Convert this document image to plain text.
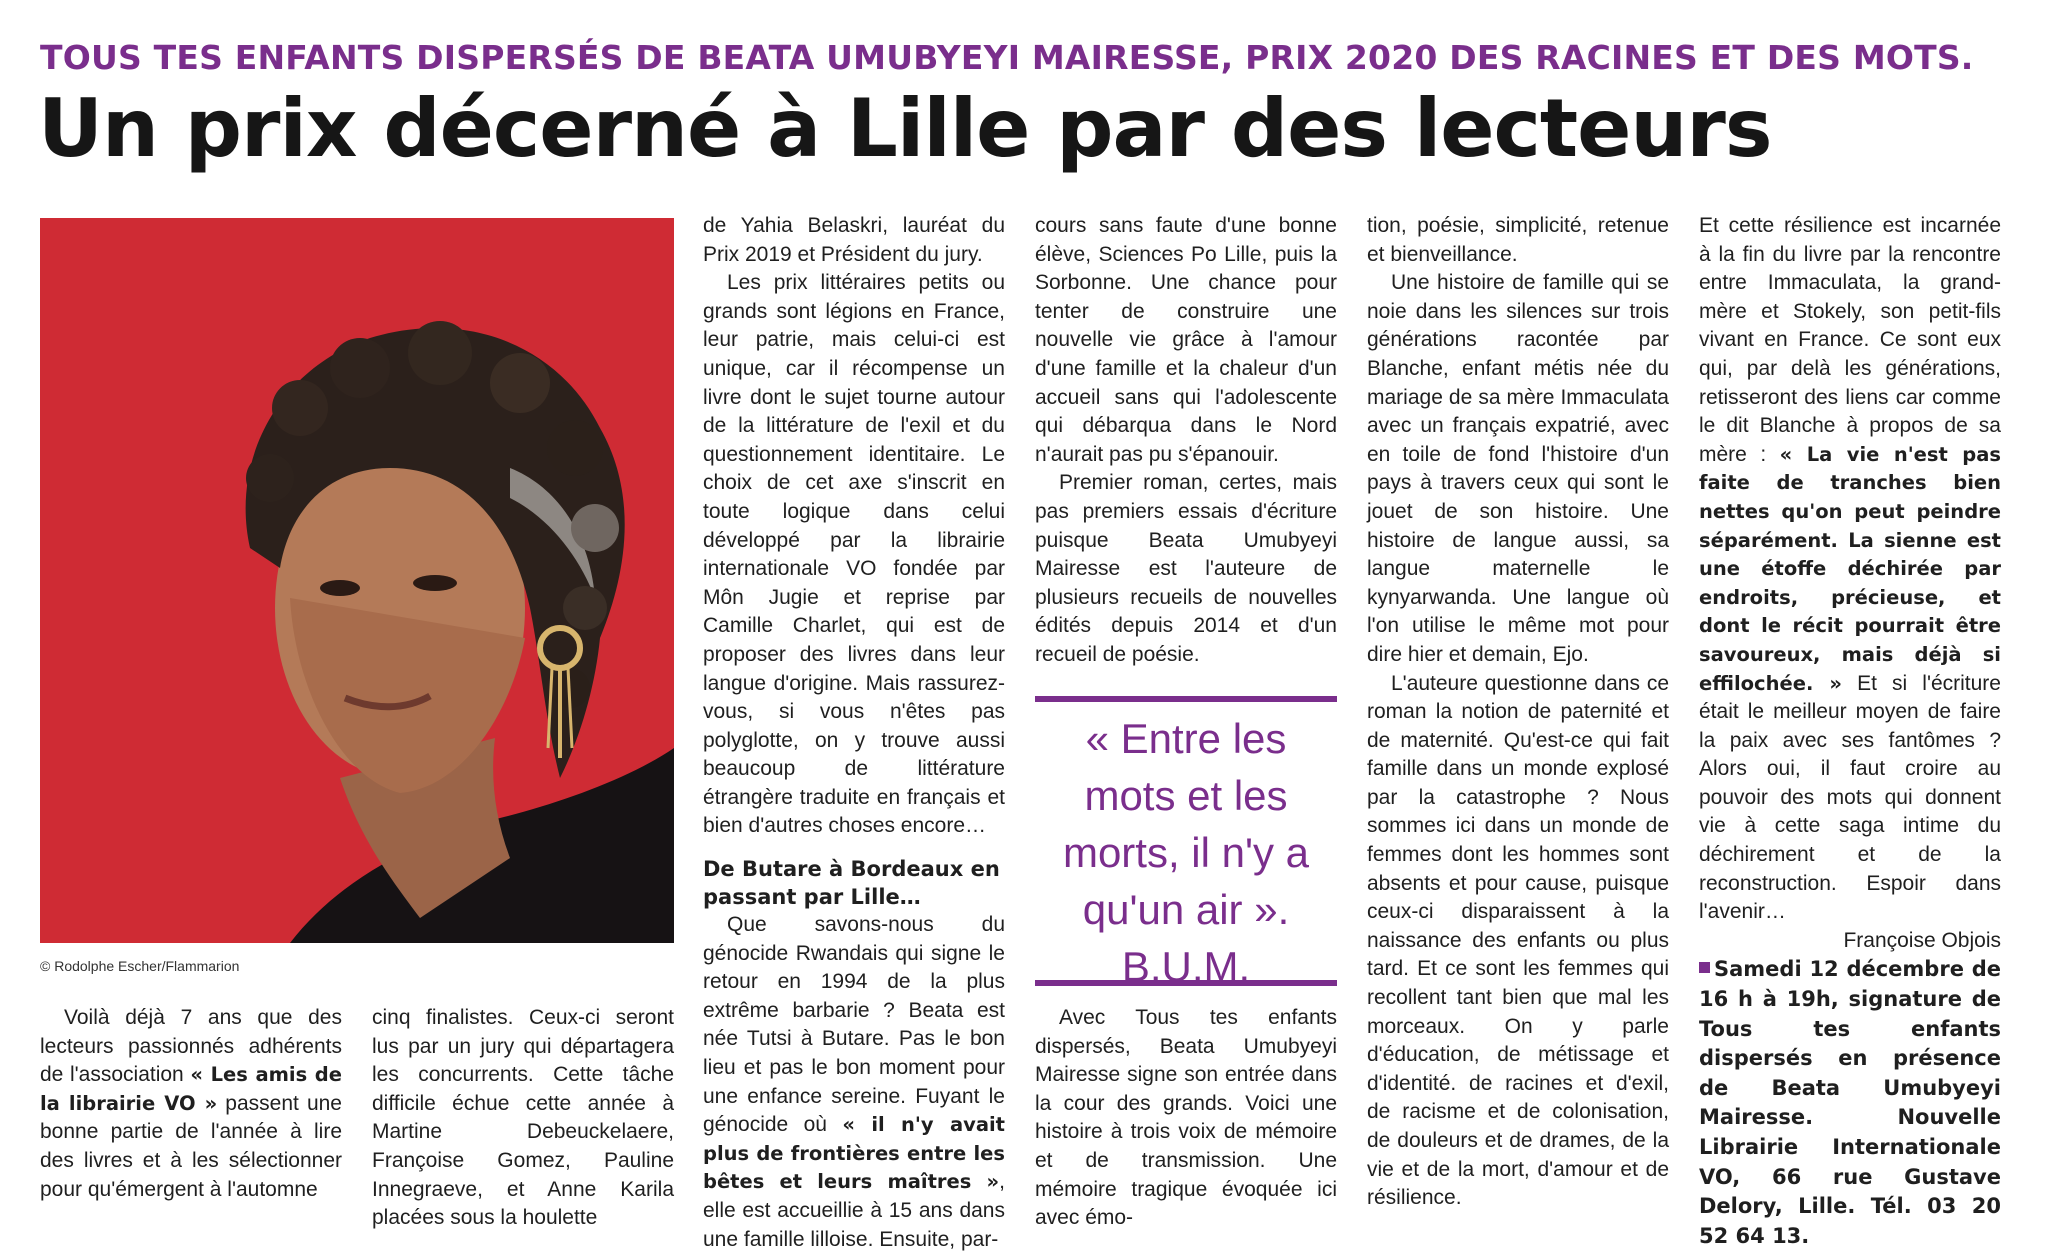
TOUS TES ENFANTS DISPERSÉS DE BEATA UMUBYEYI MAIRESSE, PRIX 2020 DES RACINES ET DES MOTS.
Un prix décerné à Lille par des lecteurs
© Rodolphe Escher/Flammarion

Voilà déjà 7 ans que des lecteurs passionnés adhérents de l'association « Les amis de la librairie VO » passent une bonne partie de l'année à lire des livres et à les sélectionner pour qu'émergent à l'automne

cinq finalistes. Ceux-ci seront lus par un jury qui départagera les concurrents. Cette tâche difficile échue cette année à Martine Debeuckelaere, Françoise Gomez, Pauline Innegraeve, et Anne Karila placées sous la houlette

de Yahia Belaskri, lauréat du Prix 2019 et Président du jury.

Les prix littéraires petits ou grands sont légions en France, leur patrie, mais celui-ci est unique, car il récompense un livre dont le sujet tourne autour de la littérature de l'exil et du questionnement identitaire. Le choix de cet axe s'inscrit en toute logique dans celui développé par la librairie internationale VO fondée par Môn Jugie et reprise par Camille Charlet, qui est de proposer des livres dans leur langue d'origine. Mais rassurez-vous, si vous n'êtes pas polyglotte, on y trouve aussi beaucoup de littérature étrangère traduite en français et bien d'autres choses encore…

De Butare à Bordeaux en passant par Lille…

Que savons-nous du génocide Rwandais qui signe le retour en 1994 de la plus extrême barbarie ? Beata est née Tutsi à Butare. Pas le bon lieu et pas le bon moment pour une enfance sereine. Fuyant le génocide où « il n'y avait plus de frontières entre les bêtes et leurs maîtres », elle est accueillie à 15 ans dans une famille lilloise. Ensuite, par-

cours sans faute d'une bonne élève, Sciences Po Lille, puis la Sorbonne. Une chance pour tenter de construire une nouvelle vie grâce à l'amour d'une famille et la chaleur d'un accueil sans qui l'adolescente qui débarqua dans le Nord n'aurait pas pu s'épanouir.

Premier roman, certes, mais pas premiers essais d'écriture puisque Beata Umubyeyi Mairesse est l'auteure de plusieurs recueils de nouvelles édités depuis 2014 et d'un recueil de poésie.

« Entre les mots et les morts, il n'y a qu'un air ». B.U.M.

Avec Tous tes enfants dispersés, Beata Umubyeyi Mairesse signe son entrée dans la cour des grands. Voici une histoire à trois voix de mémoire et de transmission. Une mémoire tragique évoquée ici avec émo-

tion, poésie, simplicité, retenue et bienveillance.

Une histoire de famille qui se noie dans les silences sur trois générations racontée par Blanche, enfant métis née du mariage de sa mère Immaculata avec un français expatrié, avec en toile de fond l'histoire d'un pays à travers ceux qui sont le jouet de son histoire. Une histoire de langue aussi, sa langue maternelle le kynyarwanda. Une langue où l'on utilise le même mot pour dire hier et demain, Ejo.

L'auteure questionne dans ce roman la notion de paternité et de maternité. Qu'est-ce qui fait famille dans un monde explosé par la catastrophe ? Nous sommes ici dans un monde de femmes dont les hommes sont absents et pour cause, puisque ceux-ci disparaissent à la naissance des enfants ou plus tard. Et ce sont les femmes qui recollent tant bien que mal les morceaux. On y parle d'éducation, de métissage et d'identité. de racines et d'exil, de racisme et de colonisation, de douleurs et de drames, de la vie et de la mort, d'amour et de résilience.

Et cette résilience est incarnée à la fin du livre par la rencontre entre Immaculata, la grand-mère et Stokely, son petit-fils vivant en France. Ce sont eux qui, par delà les générations, retisseront des liens car comme le dit Blanche à propos de sa mère : « La vie n'est pas faite de tranches bien nettes qu'on peut peindre séparément. La sienne est une étoffe déchirée par endroits, précieuse, et dont le récit pourrait être savoureux, mais déjà si effilochée. » Et si l'écriture était le meilleur moyen de faire la paix avec ses fantômes ? Alors oui, il faut croire au pouvoir des mots qui donnent vie à cette saga intime du déchirement et de la reconstruction. Espoir dans l'avenir…

Françoise Objois

Samedi 12 décembre de 16 h à 19h, signature de Tous tes enfants dispersés en présence de Beata Umubyeyi Mairesse. Nouvelle Librairie Internationale VO, 66 rue Gustave Delory, Lille. Tél. 03 20 52 64 13.
